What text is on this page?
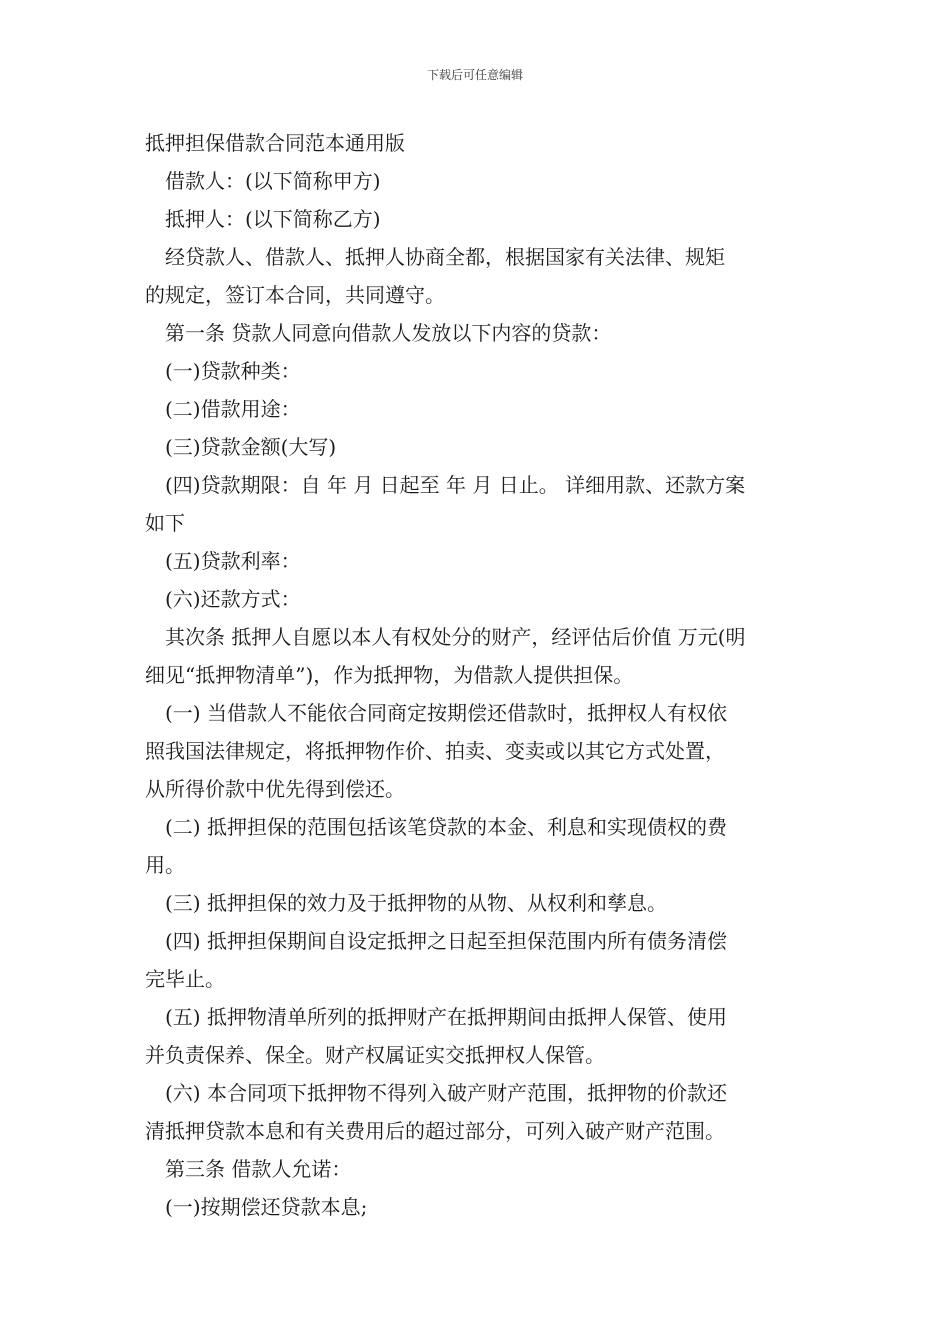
下载后可任意编辑

抵押担保借款合同范本通用版

借款人：(以下简称甲方)

抵押人：(以下简称乙方)

经贷款人、借款人、抵押人协商全都，根据国家有关法律、规矩

的规定，签订本合同，共同遵守。

第一条 贷款人同意向借款人发放以下内容的贷款：

(一)贷款种类：

(二)借款用途：

(三)贷款金额(大写)

(四)贷款期限：自 年 月 日起至 年 月 日止。 详细用款、还款方案

如下

(五)贷款利率：

(六)还款方式：

其次条 抵押人自愿以本人有权处分的财产，经评估后价值 万元(明

细见“抵押物清单”)，作为抵押物，为借款人提供担保。

(一) 当借款人不能依合同商定按期偿还借款时，抵押权人有权依

照我国法律规定，将抵押物作价、拍卖、变卖或以其它方式处置，

从所得价款中优先得到偿还。

(二) 抵押担保的范围包括该笔贷款的本金、利息和实现债权的费

用。

(三) 抵押担保的效力及于抵押物的从物、从权利和孳息。

(四) 抵押担保期间自设定抵押之日起至担保范围内所有债务清偿

完毕止。

(五) 抵押物清单所列的抵押财产在抵押期间由抵押人保管、使用

并负责保养、保全。财产权属证实交抵押权人保管。

(六) 本合同项下抵押物不得列入破产财产范围，抵押物的价款还

清抵押贷款本息和有关费用后的超过部分，可列入破产财产范围。

第三条 借款人允诺：

(一)按期偿还贷款本息;
